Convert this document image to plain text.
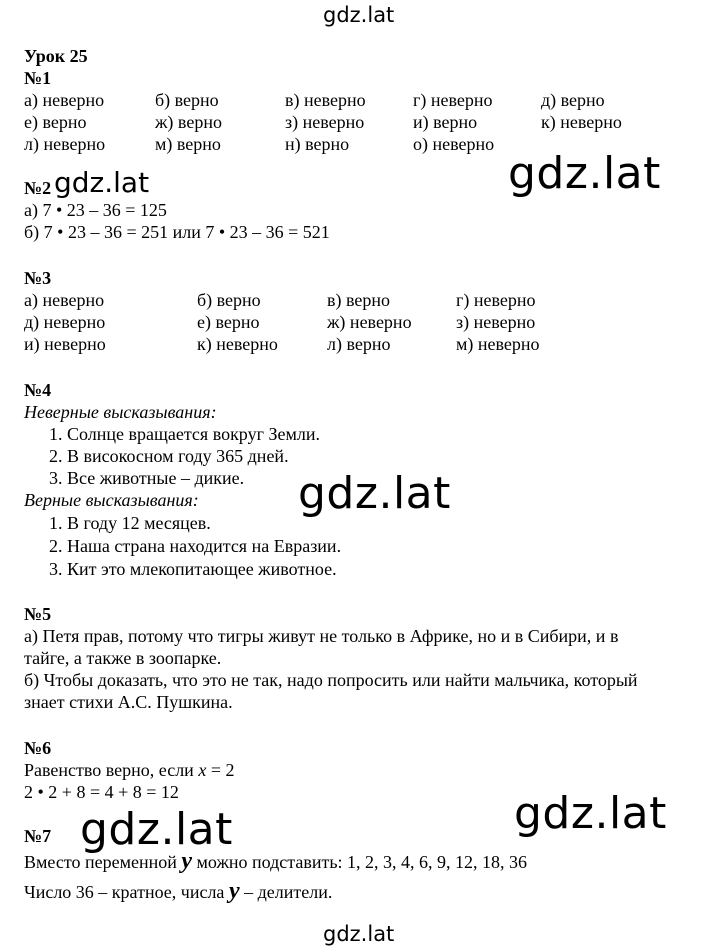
gdz.lat
gdz.lat
gdz.lat
gdz.lat
gdz.lat
gdz.lat
Урок 25
№1
а) неверно	б) верно	в) неверно	г) неверно	д) верно
е) верно	ж) верно	з) неверно	и) верно	к) неверно
л) неверно	м) верно	н) верно	о) неверно
№2 gdz.lat
а) 7 • 23 – 36 = 125
б) 7 • 23 – 36 = 251 или 7 • 23 – 36 = 521
№3
а) неверно	б) верно	в) верно	г) неверно
д) неверно	е) верно	ж) неверно з) неверно
и) неверно	к) неверно	л) верно	м) неверно
№4
Неверные высказывания:
1. Солнце вращается вокруг Земли.
2. В високосном году 365 дней.
3. Все животные – дикие.
Верные высказывания:
1. В году 12 месяцев.
2. Наша страна находится на Евразии.
3. Кит это млекопитающее животное.
№5
а) Петя прав, потому что тигры живут не только в Африке, но и в Сибири, и в
тайге, а также в зоопарке.
б) Чтобы доказать, что это не так, надо попросить или найти мальчика, который
знает стихи А.С. Пушкина.
№6
Равенство верно, если x = 2
2 • 2 + 8 = 4 + 8 = 12
№7
Вместо переменной y можно подставить: 1, 2, 3, 4, 6, 9, 12, 18, 36
Число 36 – кратное, числа y – делители.
